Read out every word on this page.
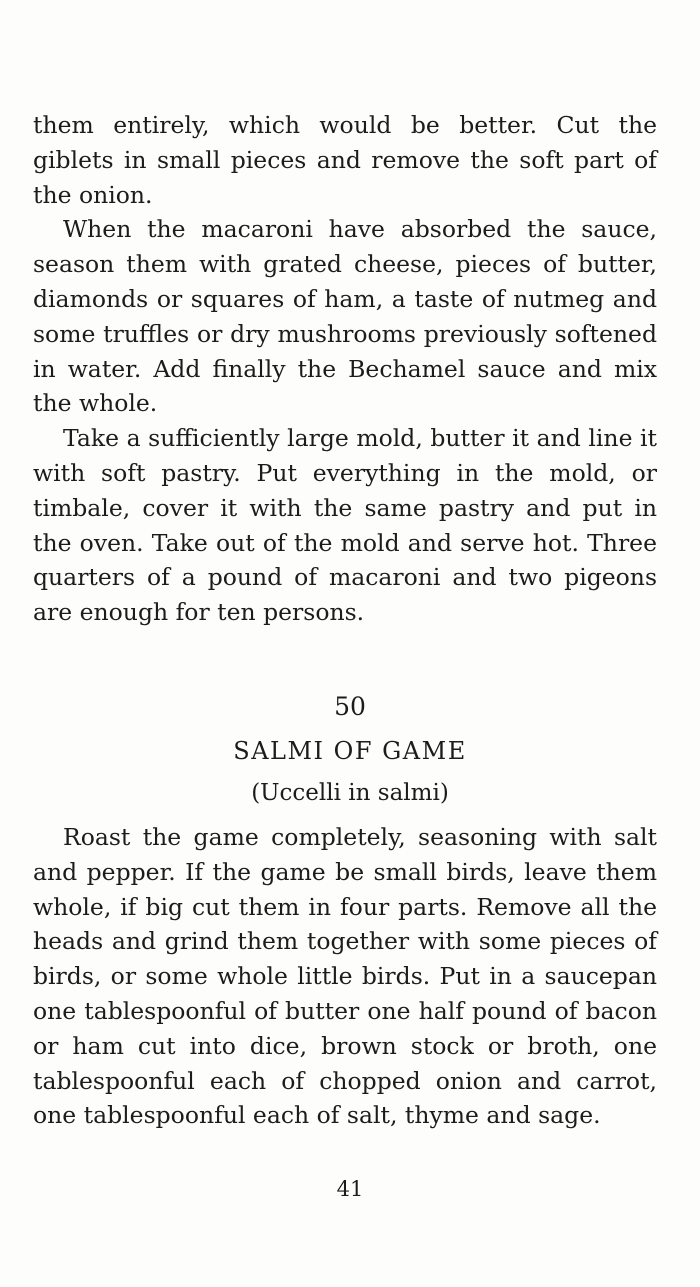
them entirely, which would be better. Cut the giblets in small pieces and remove the soft part of the onion.

When the macaroni have absorbed the sauce, season them with grated cheese, pieces of butter, diamonds or squares of ham, a taste of nutmeg and some truffles or dry mushrooms previously softened in water. Add finally the Bechamel sauce and mix the whole.

Take a sufficiently large mold, butter it and line it with soft pastry. Put everything in the mold, or timbale, cover it with the same pastry and put in the oven. Take out of the mold and serve hot. Three quarters of a pound of macaroni and two pigeons are enough for ten persons.

50
SALMI OF GAME
(Uccelli in salmi)

Roast the game completely, seasoning with salt and pepper. If the game be small birds, leave them whole, if big cut them in four parts. Remove all the heads and grind them together with some pieces of birds, or some whole little birds. Put in a saucepan one tablespoonful of butter one half pound of bacon or ham cut into dice, brown stock or broth, one tablespoonful each of chopped onion and carrot, one tablespoonful each of salt, thyme and sage.

41
